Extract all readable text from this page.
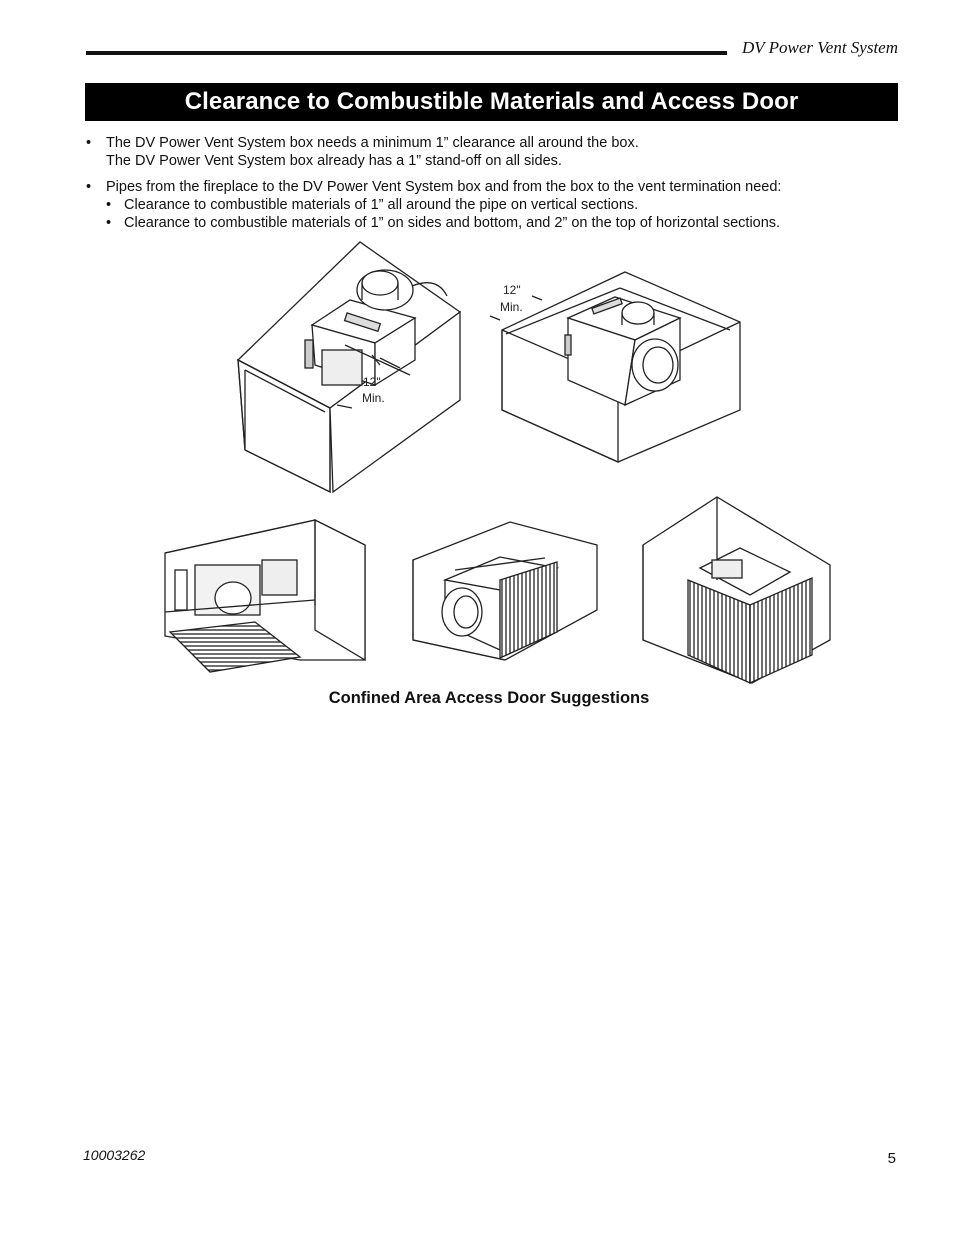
DV Power Vent System
Clearance to Combustible Materials and Access Door
• The DV Power Vent System box needs a minimum 1” clearance all around the box.
The DV Power Vent System box already has a 1” stand-off on all sides.
• Pipes from the fireplace to the DV Power Vent System box and from the box to the vent termination need:
• Clearance to combustible materials of 1” all around the pipe on vertical sections.
• Clearance to combustible materials of 1” on sides and bottom, and 2” on the top of horizontal sections.
12"
Min.
12"
Min.
Confined Area Access Door Suggestions
10003262	5
